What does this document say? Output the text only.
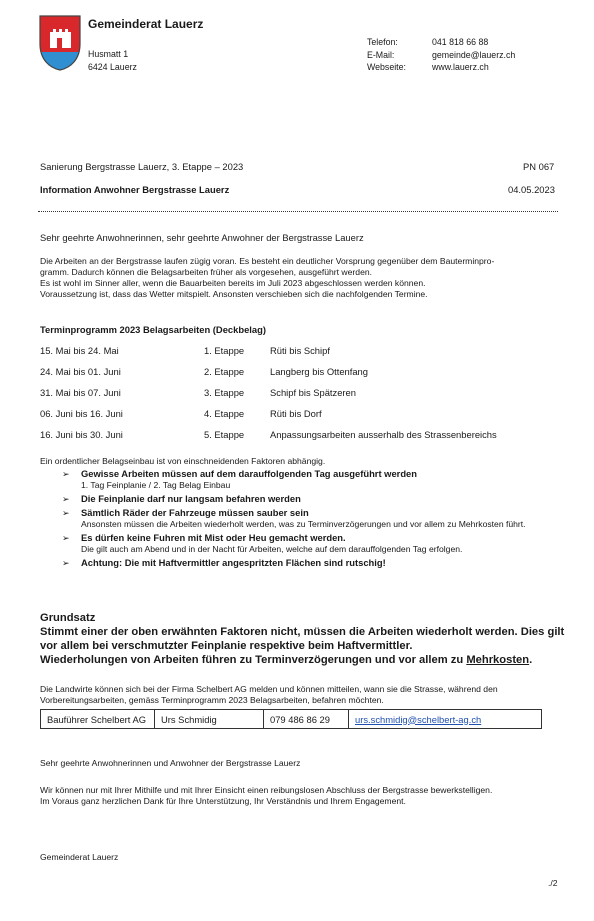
Gemeinderat Lauerz
Husmatt 1
6424 Lauerz
Telefon:	041 818 66 88
E-Mail:	gemeinde@lauerz.ch
Webseite:	www.lauerz.ch
Sanierung Bergstrasse Lauerz, 3. Etappe – 2023	PN 067
Information Anwohner Bergstrasse Lauerz	04.05.2023
Sehr geehrte Anwohnerinnen, sehr geehrte Anwohner der Bergstrasse Lauerz
Die Arbeiten an der Bergstrasse laufen zügig voran. Es besteht ein deutlicher Vorsprung gegenüber dem Bauterminpro-
gramm. Dadurch können die Belagsarbeiten früher als vorgesehen, ausgeführt werden.
Es ist wohl im Sinner aller, wenn die Bauarbeiten bereits im Juli 2023 abgeschlossen werden können.
Voraussetzung ist, dass das Wetter mitspielt. Ansonsten verschieben sich die nachfolgenden Termine.
Terminprogramm 2023 Belagsarbeiten (Deckbelag)
15. Mai bis 24. Mai	1. Etappe	Rüti bis Schipf
24. Mai bis 01. Juni	2. Etappe	Langberg bis Ottenfang
31. Mai bis 07. Juni	3. Etappe	Schipf bis Spätzeren
06. Juni bis 16. Juni	4. Etappe	Rüti bis Dorf
16. Juni bis 30. Juni	5. Etappe	Anpassungsarbeiten ausserhalb des Strassenbereichs
Ein ordentlicher Belagseinbau ist von einschneidenden Faktoren abhängig.
➢	Gewisse Arbeiten müssen auf dem darauffolgenden Tag ausgeführt werden
1. Tag Feinplanie / 2. Tag Belag Einbau
➢	Die Feinplanie darf nur langsam befahren werden
➢	Sämtlich Räder der Fahrzeuge müssen sauber sein
Ansonsten müssen die Arbeiten wiederholt werden, was zu Terminverzögerungen und vor allem zu Mehrkosten führt.
➢	Es dürfen keine Fuhren mit Mist oder Heu gemacht werden.
Die gilt auch am Abend und in der Nacht für Arbeiten, welche auf dem darauffolgenden Tag erfolgen.
➢	Achtung: Die mit Haftvermittler angespritzten Flächen sind rutschig!
Grundsatz
Stimmt einer der oben erwähnten Faktoren nicht, müssen die Arbeiten wiederholt werden. Dies gilt vor allem bei verschmutzter Feinplanie respektive beim Haftvermittler.
Wiederholungen von Arbeiten führen zu Terminverzögerungen und vor allem zu Mehrkosten.
Die Landwirte können sich bei der Firma Schelbert AG melden und können mitteilen, wann sie die Strasse, während den Vorbereitungsarbeiten, gemäss Terminprogramm 2023 Belagsarbeiten, befahren möchten.
Bauführer Schelbert AG	Urs Schmidig	079 486 86 29	urs.schmidig@schelbert-ag.ch
Sehr geehrte Anwohnerinnen und Anwohner der Bergstrasse Lauerz
Wir können nur mit Ihrer Mithilfe und mit Ihrer Einsicht einen reibungslosen Abschluss der Bergstrasse bewerkstelligen.
Im Voraus ganz herzlichen Dank für Ihre Unterstützung, Ihr Verständnis und Ihrem Engagement.
Gemeinderat Lauerz
./2
